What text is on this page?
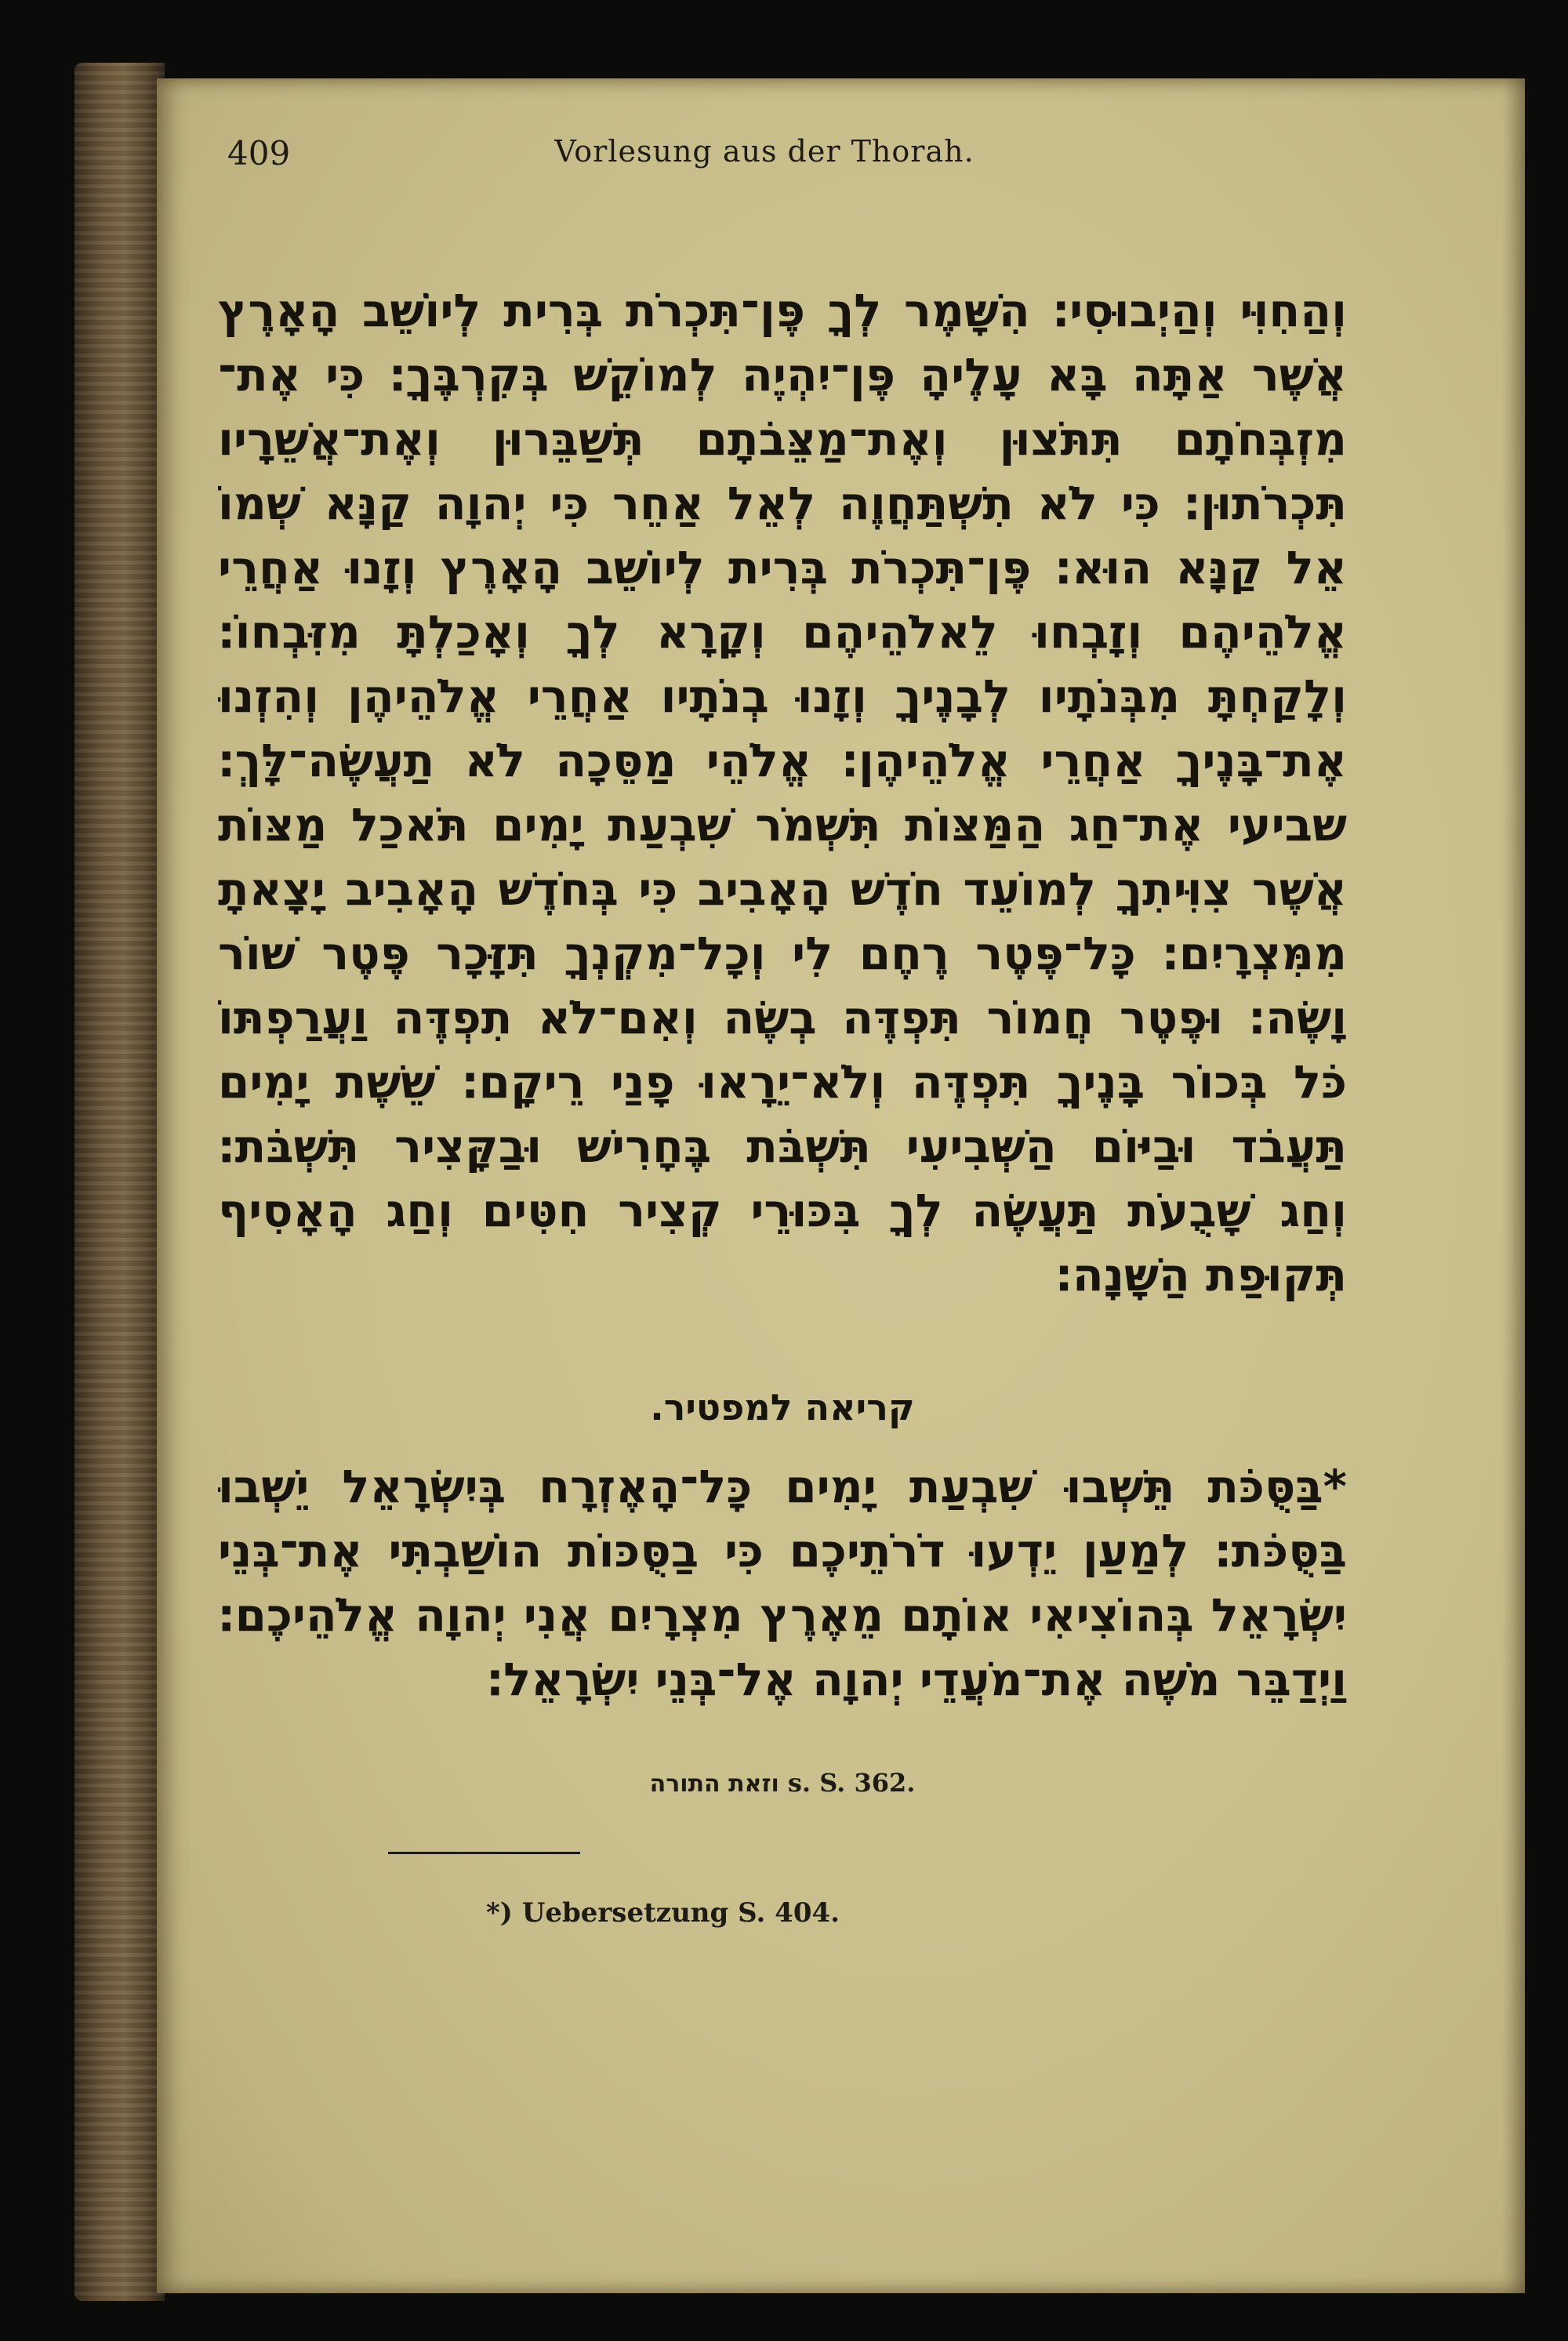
409	Vorlesung aus der Thorah.
וְהַחִוִּי וְהַיְבוּסִי׃ הִשָּׁמֶר לְךָ פֶּן־תִּכְרֹת בְּרִית לְיוֹשֵׁב הָאָרֶץ
אֲשֶׁר אַתָּה בָּא עָלֶיהָ פֶּן־יִהְיֶה לְמוֹקֵשׁ בְּקִרְבֶּךָ׃ כִּי אֶת־
מִזְבְּחֹתָם תִּתֹּצוּן וְאֶת־מַצֵּבֹתָם תְּשַׁבֵּרוּן וְאֶת־אֲשֵׁרָיו
תִּכְרֹתוּן׃ כִּי לֹא תִשְׁתַּחֲוֶה לְאֵל אַחֵר כִּי יְהוָה קַנָּא שְׁמוֹ
אֵל קַנָּא הוּא׃ פֶּן־תִּכְרֹת בְּרִית לְיוֹשֵׁב הָאָרֶץ וְזָנוּ אַחֲרֵי
אֱלֹהֵיהֶם וְזָבְחוּ לֵאלֹהֵיהֶם וְקָרָא לְךָ וְאָכַלְתָּ מִזִּבְחוֹ׃
וְלָקַחְתָּ מִבְּנֹתָיו לְבָנֶיךָ וְזָנוּ בְנֹתָיו אַחֲרֵי אֱלֹהֵיהֶן וְהִזְנוּ
אֶת־בָּנֶיךָ אַחֲרֵי אֱלֹהֵיהֶן׃ אֱלֹהֵי מַסֵּכָה לֹא תַעֲשֶׂה־לָּךְ׃
שביעי אֶת־חַג הַמַּצּוֹת תִּשְׁמֹר שִׁבְעַת יָמִים תֹּאכַל מַצּוֹת
אֲשֶׁר צִוִּיתִךָ לְמוֹעֵד חֹדֶשׁ הָאָבִיב כִּי בְּחֹדֶשׁ הָאָבִיב יָצָאתָ
מִמִּצְרָיִם׃ כָּל־פֶּטֶר רֶחֶם לִי וְכָל־מִקְנְךָ תִּזָּכָר פֶּטֶר שׁוֹר
וָשֶׂה׃ וּפֶטֶר חֲמוֹר תִּפְדֶּה בְשֶׂה וְאִם־לֹא תִפְדֶּה וַעֲרַפְתּוֹ
כֹּל בְּכוֹר בָּנֶיךָ תִּפְדֶּה וְלֹא־יֵרָאוּ פָנַי רֵיקָם׃ שֵׁשֶׁת יָמִים
תַּעֲבֹד וּבַיּוֹם הַשְּׁבִיעִי תִּשְׁבֹּת בֶּחָרִישׁ וּבַקָּצִיר תִּשְׁבֹּת׃
וְחַג שָׁבֻעֹת תַּעֲשֶׂה לְךָ בִּכּוּרֵי קְצִיר חִטִּים וְחַג הָאָסִיף
תְּקוּפַת הַשָּׁנָה׃
קריאה למפטיר.
*בַּסֻּכֹּת תֵּשְׁבוּ שִׁבְעַת יָמִים כָּל־הָאֶזְרָח בְּיִשְׂרָאֵל יֵשְׁבוּ
בַּסֻּכֹּת׃ לְמַעַן יֵדְעוּ דֹרֹתֵיכֶם כִּי בַסֻּכּוֹת הוֹשַׁבְתִּי אֶת־בְּנֵי
יִשְׂרָאֵל בְּהוֹצִיאִי אוֹתָם מֵאֶרֶץ מִצְרָיִם אֲנִי יְהוָה אֱלֹהֵיכֶם׃
וַיְדַבֵּר מֹשֶׁה אֶת־מֹעֲדֵי יְהוָה אֶל־בְּנֵי יִשְׂרָאֵל׃
וזאת התורה s. S. 362.
*) Uebersetzung S. 404.
